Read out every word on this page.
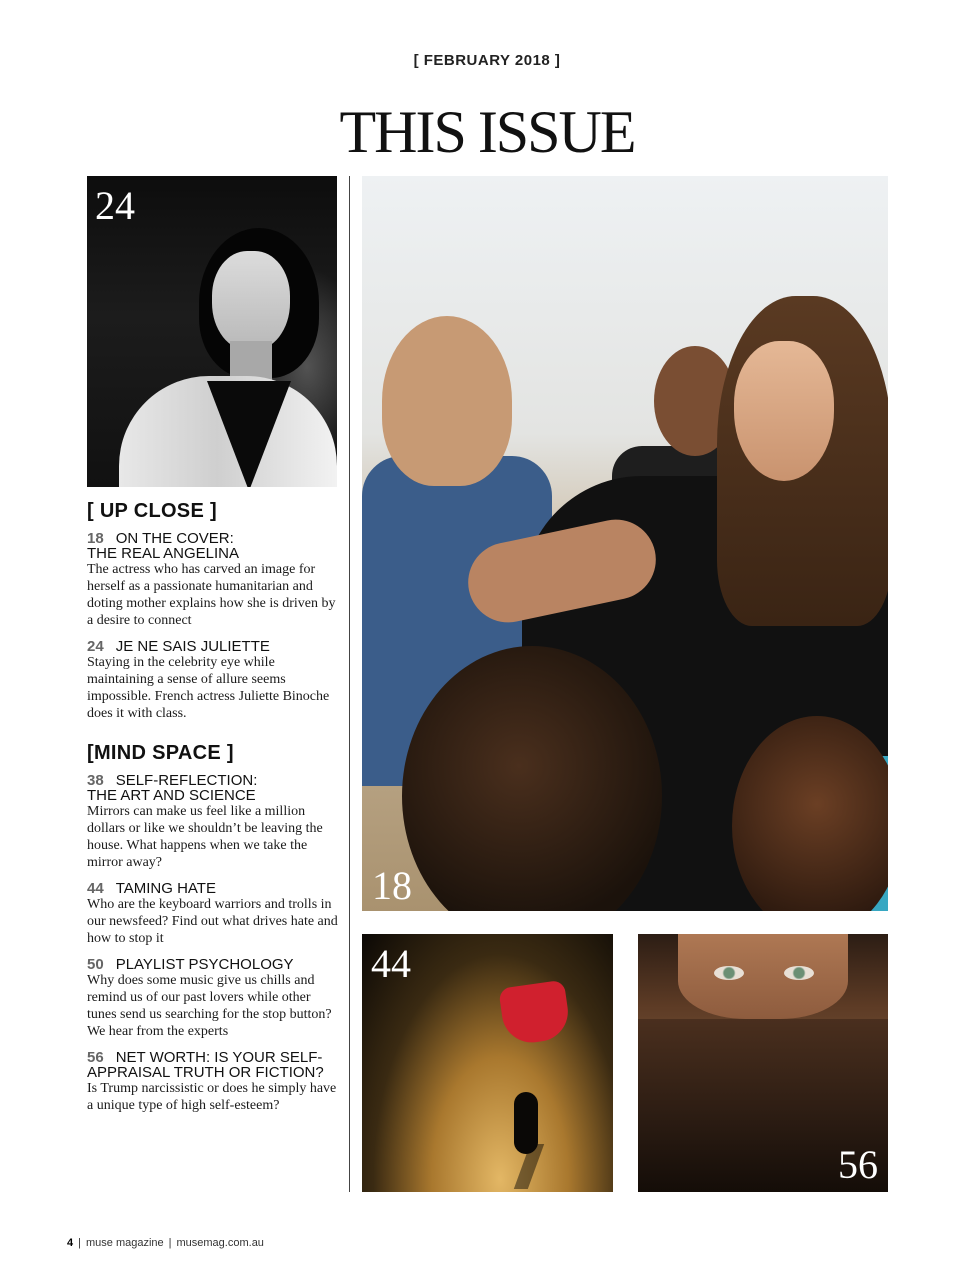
[ FEBRUARY 2018 ]
THIS ISSUE
24
18
44
56
[ UP CLOSE ]
18 ON THE COVER:
THE REAL ANGELINA
The actress who has carved an image for herself as a passionate humanitarian and doting mother explains how she is driven by a desire to connect
24 JE NE SAIS JULIETTE
Staying in the celebrity eye while maintaining a sense of allure seems impossible. French actress Juliette Binoche does it with class.
[MIND SPACE ]
38 SELF-REFLECTION:
THE ART AND SCIENCE
Mirrors can make us feel like a million dollars or like we shouldn’t be leaving the house. What happens when we take the mirror away?
44 TAMING HATE
Who are the keyboard warriors and trolls in our newsfeed? Find out what drives hate and how to stop it
50 PLAYLIST PSYCHOLOGY
Why does some music give us chills and remind us of our past lovers while other tunes send us searching for the stop button? We hear from the experts
56 NET WORTH: IS YOUR SELF-
APPRAISAL TRUTH OR FICTION?
Is Trump narcissistic or does he simply have a unique type of high self-esteem?
4 | muse magazine | musemag.com.au
